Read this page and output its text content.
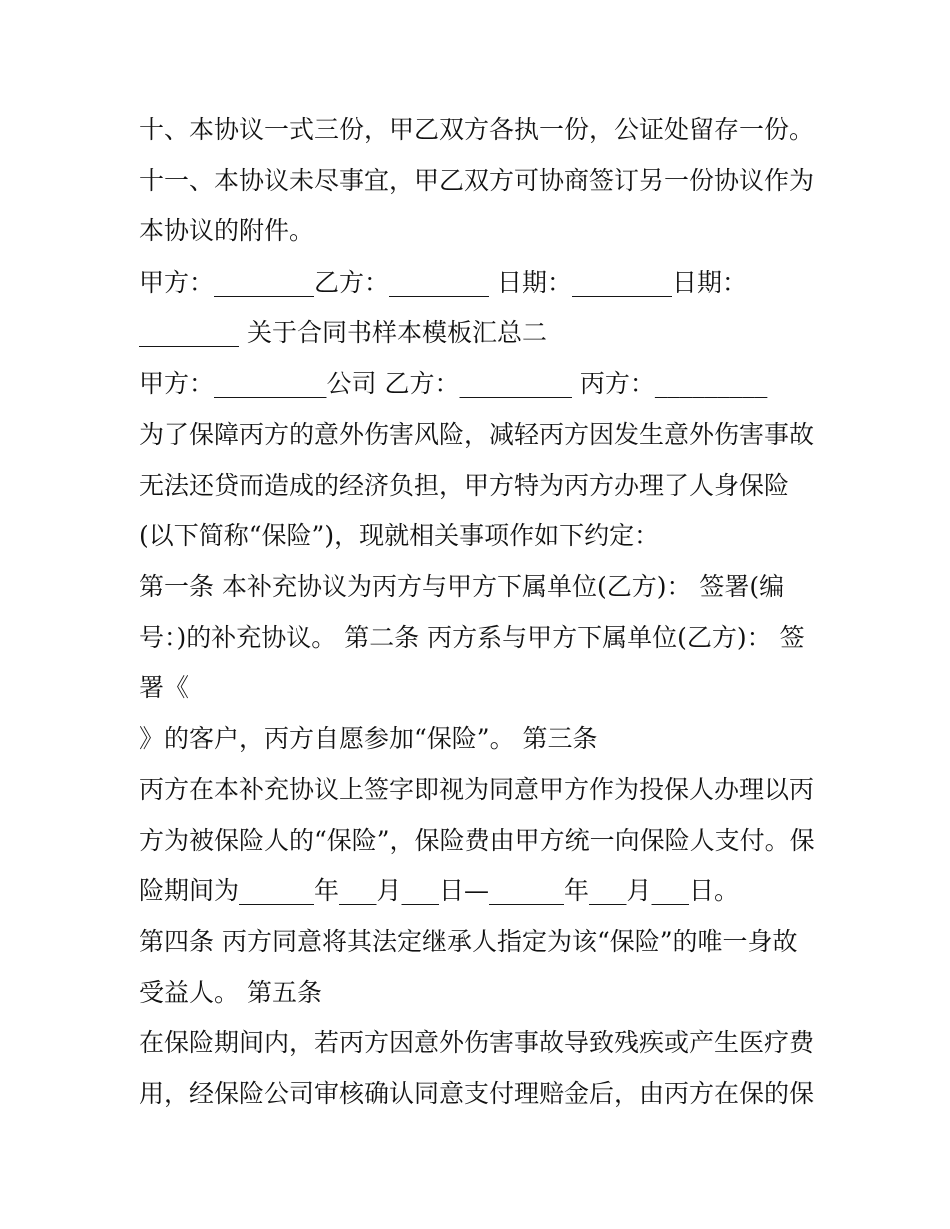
十、本协议一式三份，甲乙双方各执一份，公证处留存一份。

十一、本协议未尽事宜，甲乙双方可协商签订另一份协议作为

本协议的附件。

甲方：________乙方：________ 日期：________日期：

________ 关于合同书样本模板汇总二

甲方：_________公司 乙方：_________ 丙方：_________

为了保障丙方的意外伤害风险，减轻丙方因发生意外伤害事故

无法还贷而造成的经济负担，甲方特为丙方办理了人身保险

(以下简称“保险”)，现就相关事项作如下约定：

第一条 本补充协议为丙方与甲方下属单位(乙方)： 签署(编

号：)的补充协议。 第二条 丙方系与甲方下属单位(乙方)： 签

署《

》的客户，丙方自愿参加“保险”。 第三条

丙方在本补充协议上签字即视为同意甲方作为投保人办理以丙

方为被保险人的“保险”，保险费由甲方统一向保险人支付。保

险期间为______年___月___日—______年___月___日。

第四条 丙方同意将其法定继承人指定为该“保险”的唯一身故

受益人。 第五条

在保险期间内，若丙方因意外伤害事故导致残疾或产生医疗费

用，经保险公司审核确认同意支付理赔金后，由丙方在保的保
